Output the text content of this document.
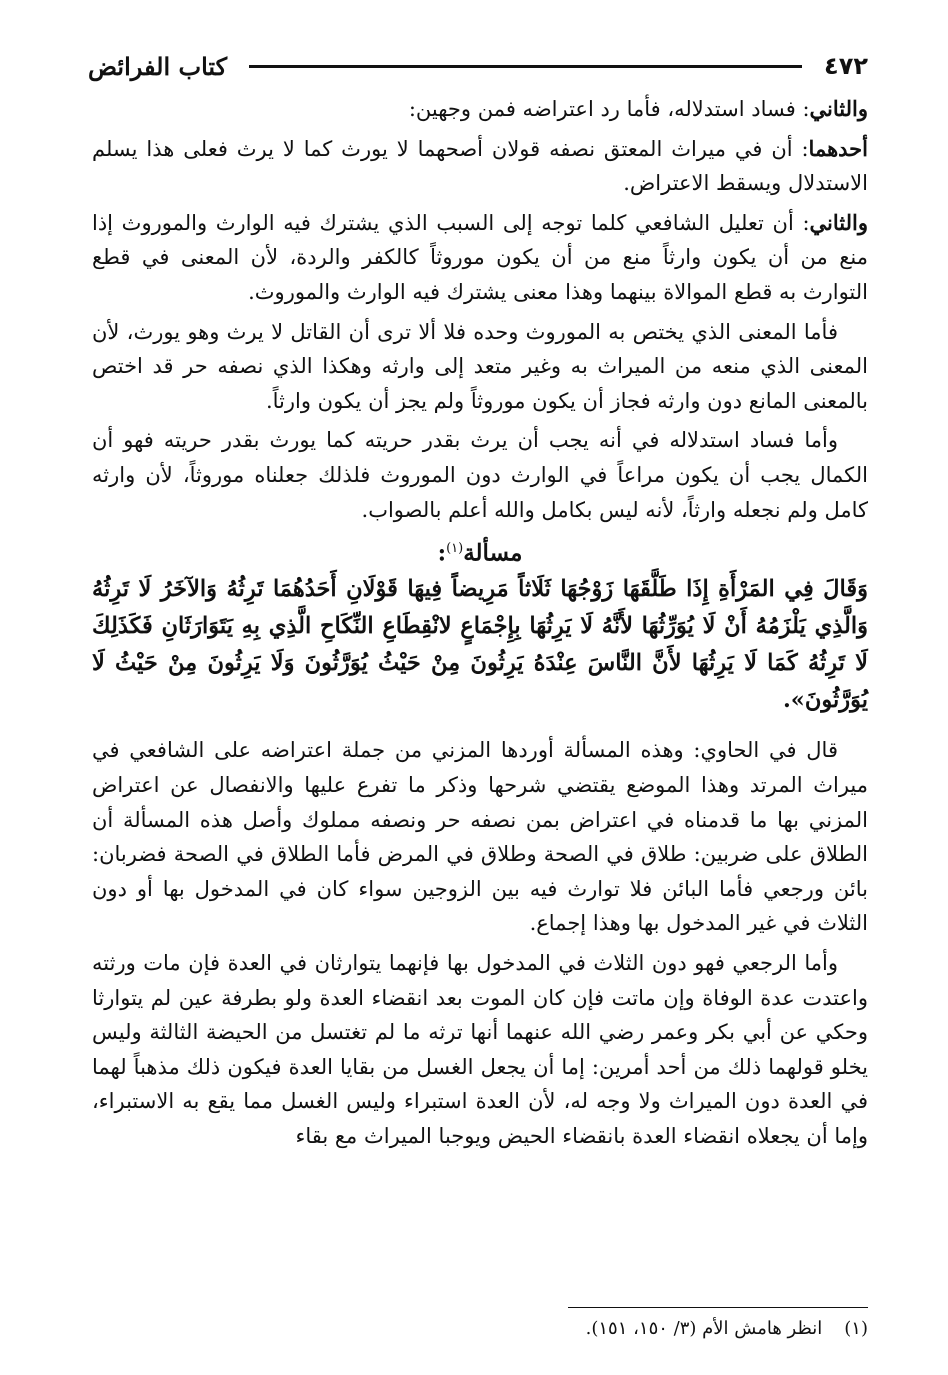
٤٧٢
كتاب الفرائض

والثاني: فساد استدلاله، فأما رد اعتراضه فمن وجهين:

أحدهما: أن في ميراث المعتق نصفه قولان أصحهما لا يورث كما لا يرث فعلى هذا يسلم الاستدلال ويسقط الاعتراض.

والثاني: أن تعليل الشافعي كلما توجه إلى السبب الذي يشترك فيه الوارث والموروث إذا منع من أن يكون وارثاً منع من أن يكون موروثاً كالكفر والردة، لأن المعنى في قطع التوارث به قطع الموالاة بينهما وهذا معنى يشترك فيه الوارث والموروث.

فأما المعنى الذي يختص به الموروث وحده فلا ألا ترى أن القاتل لا يرث وهو يورث، لأن المعنى الذي منعه من الميراث به وغير متعد إلى وارثه وهكذا الذي نصفه حر قد اختص بالمعنى المانع دون وارثه فجاز أن يكون موروثاً ولم يجز أن يكون وارثاً.

وأما فساد استدلاله في أنه يجب أن يرث بقدر حريته كما يورث بقدر حريته فهو أن الكمال يجب أن يكون مراعاً في الوارث دون الموروث فلذلك جعلناه موروثاً، لأن وارثه كامل ولم نجعله وارثاً، لأنه ليس بكامل والله أعلم بالصواب.

مسألة$^{(١)}$:

وَقَالَ فِي المَرْأَةِ إِذَا طَلَّقَهَا زَوْجُهَا ثَلَاثاً مَرِيضاً فِيهَا قَوْلَانِ أَحَدُهُمَا تَرِثُهُ وَالآخَرُ لَا تَرِثُهُ وَالَّذِي يَلْزَمُهُ أَنْ لَا يُوَرِّثُهَا لأَنَّهُ لَا يَرِثُهَا بِإِجْمَاعٍ لانْقِطَاعِ النِّكَاحِ الَّذِي بِهِ يَتَوَارَثَانِ فَكَذَلِكَ لَا تَرِثُهُ كَمَا لَا يَرِثُهَا لأَنَّ النَّاسَ عِنْدَهُ يَرِثُونَ مِنْ حَيْثُ يُوَرَّثُونَ وَلَا يَرِثُونَ مِنْ حَيْثُ لَا يُوَرَّثُونَ».

قال في الحاوي: وهذه المسألة أوردها المزني من جملة اعتراضه على الشافعي في ميراث المرتد وهذا الموضع يقتضي شرحها وذكر ما تفرع عليها والانفصال عن اعتراض المزني بها ما قدمناه في اعتراض بمن نصفه حر ونصفه مملوك وأصل هذه المسألة أن الطلاق على ضربين: طلاق في الصحة وطلاق في المرض فأما الطلاق في الصحة فضربان: بائن ورجعي فأما البائن فلا توارث فيه بين الزوجين سواء كان في المدخول بها أو دون الثلاث في غير المدخول بها وهذا إجماع.

وأما الرجعي فهو دون الثلاث في المدخول بها فإنهما يتوارثان في العدة فإن مات ورثته واعتدت عدة الوفاة وإن ماتت فإن كان الموت بعد انقضاء العدة ولو بطرفة عين لم يتوارثا وحكي عن أبي بكر وعمر رضي الله عنهما أنها ترثه ما لم تغتسل من الحيضة الثالثة وليس يخلو قولهما ذلك من أحد أمرين: إما أن يجعل الغسل من بقايا العدة فيكون ذلك مذهباً لهما في العدة دون الميراث ولا وجه له، لأن العدة استبراء وليس الغسل مما يقع به الاستبراء، وإما أن يجعلاه انقضاء العدة بانقضاء الحيض ويوجبا الميراث مع بقاء

(١)
انظر هامش الأم (٣/ ١٥٠، ١٥١).
